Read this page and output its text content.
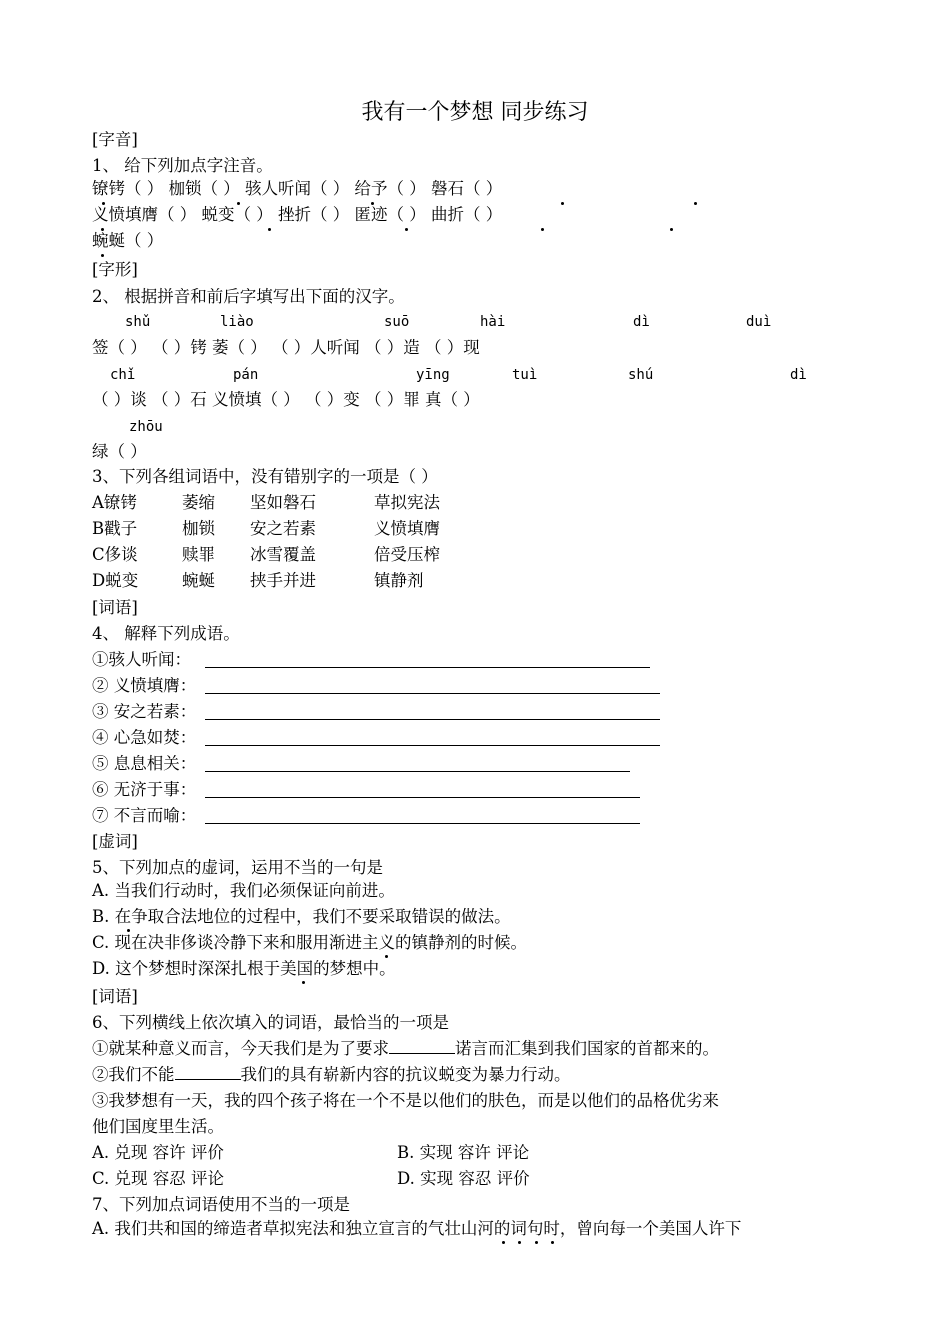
我有一个梦想 同步练习
[字音]
1、 给下列加点字注音。
镣铐（ ） 枷锁（ ） 骇人听闻（ ） 给予（ ） 磐石（ ）
义愤填膺（ ） 蜕变（ ） 挫折（ ） 匿迹（ ） 曲折（ ）
蜿蜒（ ）
[字形]
2、 根据拼音和前后字填写出下面的汉字。
shǔ	liào	suō	hài	dì	duì
签（ ） （ ）铐 萎（ ） （ ）人听闻 （ ）造 （ ）现
chǐ	pán	yīng	tuì	shú	dì
（ ）谈 （ ）石 义愤填（ ） （ ）变 （ ）罪 真（ ）
zhōu
绿（ ）
3、下列各组词语中，没有错别字的一项是（ ）
A镣铐	萎缩 坚如磐石	草拟宪法
B戳子	枷锁 安之若素	义愤填膺
C侈谈	赎罪 冰雪覆盖	倍受压榨
D蜕变	蜿蜒 挟手并进	镇静剂
[词语]
4、 解释下列成语。
①骇人听闻：
② 义愤填膺：
③ 安之若素：
④ 心急如焚：
⑤ 息息相关：
⑥ 无济于事：
⑦ 不言而喻：
[虚词]
5、下列加点的虚词，运用不当的一句是
A. 当我们行动时，我们必须保证向前进。
B. 在争取合法地位的过程中，我们不要采取错误的做法。
C. 现在决非侈谈冷静下来和服用渐进主义的镇静剂的时候。
D. 这个梦想时深深扎根于美国的梦想中。
[词语]
6、下列横线上依次填入的词语，最恰当的一项是
①就某种意义而言，今天我们是为了要求	诺言而汇集到我们国家的首都来的。
②我们不能	我们的具有崭新内容的抗议蜕变为暴力行动。
③我梦想有一天，我的四个孩子将在一个不是以他们的肤色，而是以他们的品格优劣来
他们国度里生活。
A. 兑现 容许 评价	B. 实现 容许 评论
C. 兑现 容忍 评论	D. 实现 容忍 评价
7、下列加点词语使用不当的一项是
A. 我们共和国的缔造者草拟宪法和独立宣言的气壮山河的词句时，曾向每一个美国人许下
